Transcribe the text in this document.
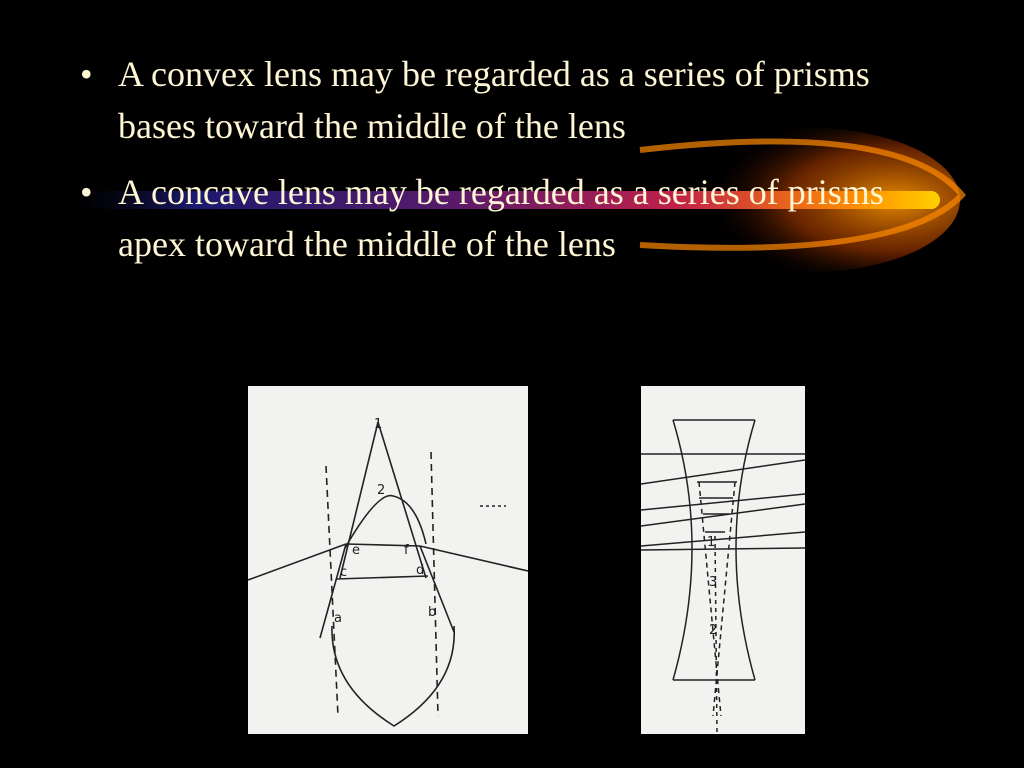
• A convex lens may be regarded as a series of prisms bases toward the middle of the lens
• A concave lens may be regarded as a series of prisms apex toward the middle of the lens
1
2
e	f
c	d
a	b
1
3
2
